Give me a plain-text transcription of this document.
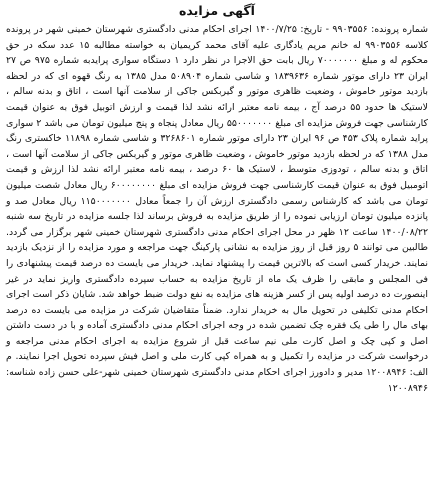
آگهی مزایده

شماره پرونده: ۹۹۰۳۵۵۶ - تاریخ: ۱۴۰۰/۷/۲۵ اجرای احکام مدنی دادگستری شهرستان خمینی شهر در پرونده کلاسه ۹۹۰۳۵۵۶ له خانم مریم یادگاری علیه آقای محمد کریمیان به خواسته مطالبه ۱۵ عدد سکه در حق محکوم له و مبلغ ۷۰۰۰۰۰۰۰ ریال بابت حق الاجرا در نظر دارد ۱ دستگاه سواری پرایدبه شماره ۹۷۵ ص ۲۷ ایران ۲۳ دارای موتور شماره ۱۸۳۹۶۳۶ و شاسی شماره ۵۰۸۹۰۴ مدل ۱۳۸۵ به رنگ قهوه ای که در لحظه بازدید موتور خاموش ، وضعیت ظاهری موتور و گیربکس جاکی از سلامت آنها است ، اتاق و بدنه سالم ، لاستیک ها حدود ۵۵ درصد آج ، بیمه نامه معتبر ارائه نشد لذا قیمت و ارزش اتوبیل فوق به عنوان قیمت کارشناسی جهت فروش مزایده ای مبلغ ۵۵۰۰۰۰۰۰۰ ریال معادل پنجاه و پنج میلیون تومان می باشد ۲ سواری پراید شماره پلاک ۴۵۳ ص ۹۶ ایران ۲۳ دارای موتور شماره ۳۲۶۸۶۰۱ و شاسی شماره ۱۱۸۹۸ خاکستری رنگ مدل ۱۳۸۸ که در لحظه بازدید موتور خاموش ، وضعیت ظاهری موتور و گیربکس جاکی از سلامت آنها است ، اتاق و بدنه سالم ، تودوزی متوسط ، لاستیک ها ۶۰ درصد ، بیمه نامه معتبر ارائه نشد لذا ارزش و قیمت اتومبیل فوق به عنوان قیمت کارشناسی جهت فروش مزایده ای مبلغ ۶۰۰۰۰۰۰۰۰ ریال معادل شصت میلیون تومان می باشد که کارشناس رسمی دادگستری ارزش آن را جمعاً معادل ۱۱۵۰۰۰۰۰۰۰ ریال معادل صد و پانزده میلیون تومان ارزیابی نموده را از طریق مزایده به فروش برساند لذا جلسه مزایده در تاریخ سه شنبه ۱۴۰۰/۰۸/۲۲ ساعت ۱۲ ظهر در محل اجرای احکام مدنی دادگستری شهرستان خمینی شهر برگزار می گردد. طالبین می توانند ۵ روز قبل از روز مزایده به نشانی پارکینگ جهت مراجعه و مورد مزایده را از نزدیک بازدید نمایند. خریدار کسی است که بالاترین قیمت را پیشنهاد نماید. خریدار می بایست ده درصد قیمت پیشنهادی را فی المجلس و مابقی را ظرف یک ماه از تاریخ مزایده به حساب سپرده دادگستری واریز نماید در غیر اینصورت ده درصد اولیه پس از کسر هزینه های مزایده به نفع دولت ضبط خواهد شد. شایان ذکر است اجرای احکام مدنی تکلیفی در تحویل مال به خریدار ندارد. ضمناً متقاضیان شرکت در مزایده می بایست ده درصد بهای مال را طی یک فقره چک تضمین شده در وجه اجرای احکام مدنی دادگستری آماده و با در دست داشتن اصل و کپی چک و اصل کارت ملی نیم ساعت قبل از شروع مزایده به اجرای احکام مدنی مراجعه و درخواست شرکت در مزایده را تکمیل و به همراه کپی کارت ملی و اصل فیش سپرده تحویل اجرا نمایند. م الف: ۱۲۰۰۸۹۴۶ مدیر و دادورز اجرای احکام مدنی دادگستری شهرستان خمینی شهر-علی حسن زاده شناسه: ۱۲۰۰۸۹۴۶
